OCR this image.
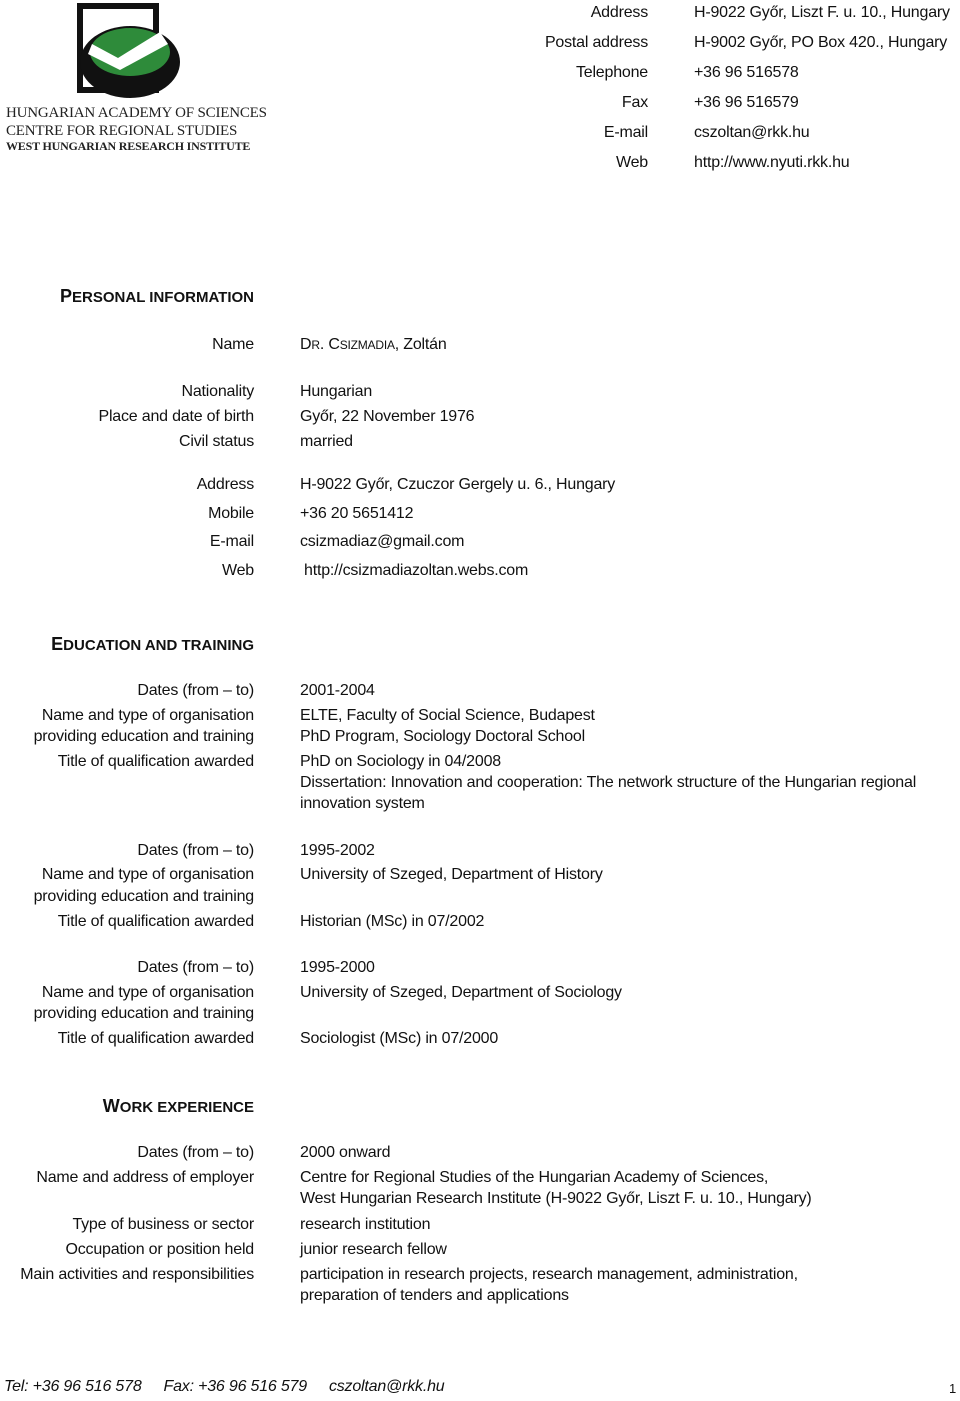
HUNGARIAN ACADEMY OF SCIENCES
CENTRE FOR REGIONAL STUDIES
WEST HUNGARIAN RESEARCH INSTITUTE
Address	H-9022 Győr, Liszt F. u. 10., Hungary
Postal address	H-9002 Győr, PO Box 420., Hungary
Telephone	+36 96 516578
Fax	+36 96 516579
E-mail	cszoltan@rkk.hu
Web	http://www.nyuti.rkk.hu
PERSONAL INFORMATION
Name	DR. CSIZMADIA, Zoltán
Nationality	Hungarian
Place and date of birth	Győr, 22 November 1976
Civil status	married
Address	H-9022 Győr, Czuczor Gergely u. 6., Hungary
Mobile	+36 20 5651412
E-mail	csizmadiaz@gmail.com
Web	http://csizmadiazoltan.webs.com
EDUCATION AND TRAINING
Dates (from – to)	2001-2004
Name and type of organisation	ELTE, Faculty of Social Science, Budapest
providing education and training	PhD Program, Sociology Doctoral School
Title of qualification awarded	PhD on Sociology in 04/2008
Dissertation: Innovation and cooperation: The network structure of the Hungarian regional
innovation system
Dates (from – to)	1995-2002
Name and type of organisation	University of Szeged, Department of History
providing education and training
Title of qualification awarded	Historian (MSc) in 07/2002
Dates (from – to)	1995-2000
Name and type of organisation	University of Szeged, Department of Sociology
providing education and training
Title of qualification awarded	Sociologist (MSc) in 07/2000
WORK EXPERIENCE
Dates (from – to)	2000 onward
Name and address of employer	Centre for Regional Studies of the Hungarian Academy of Sciences,
West Hungarian Research Institute (H-9022 Győr, Liszt F. u. 10., Hungary)
Type of business or sector	research institution
Occupation or position held	junior research fellow
Main activities and responsibilities	participation in research projects, research management, administration,
preparation of tenders and applications
Tel: +36 96 516 578 Fax: +36 96 516 579 cszoltan@rkk.hu	1
